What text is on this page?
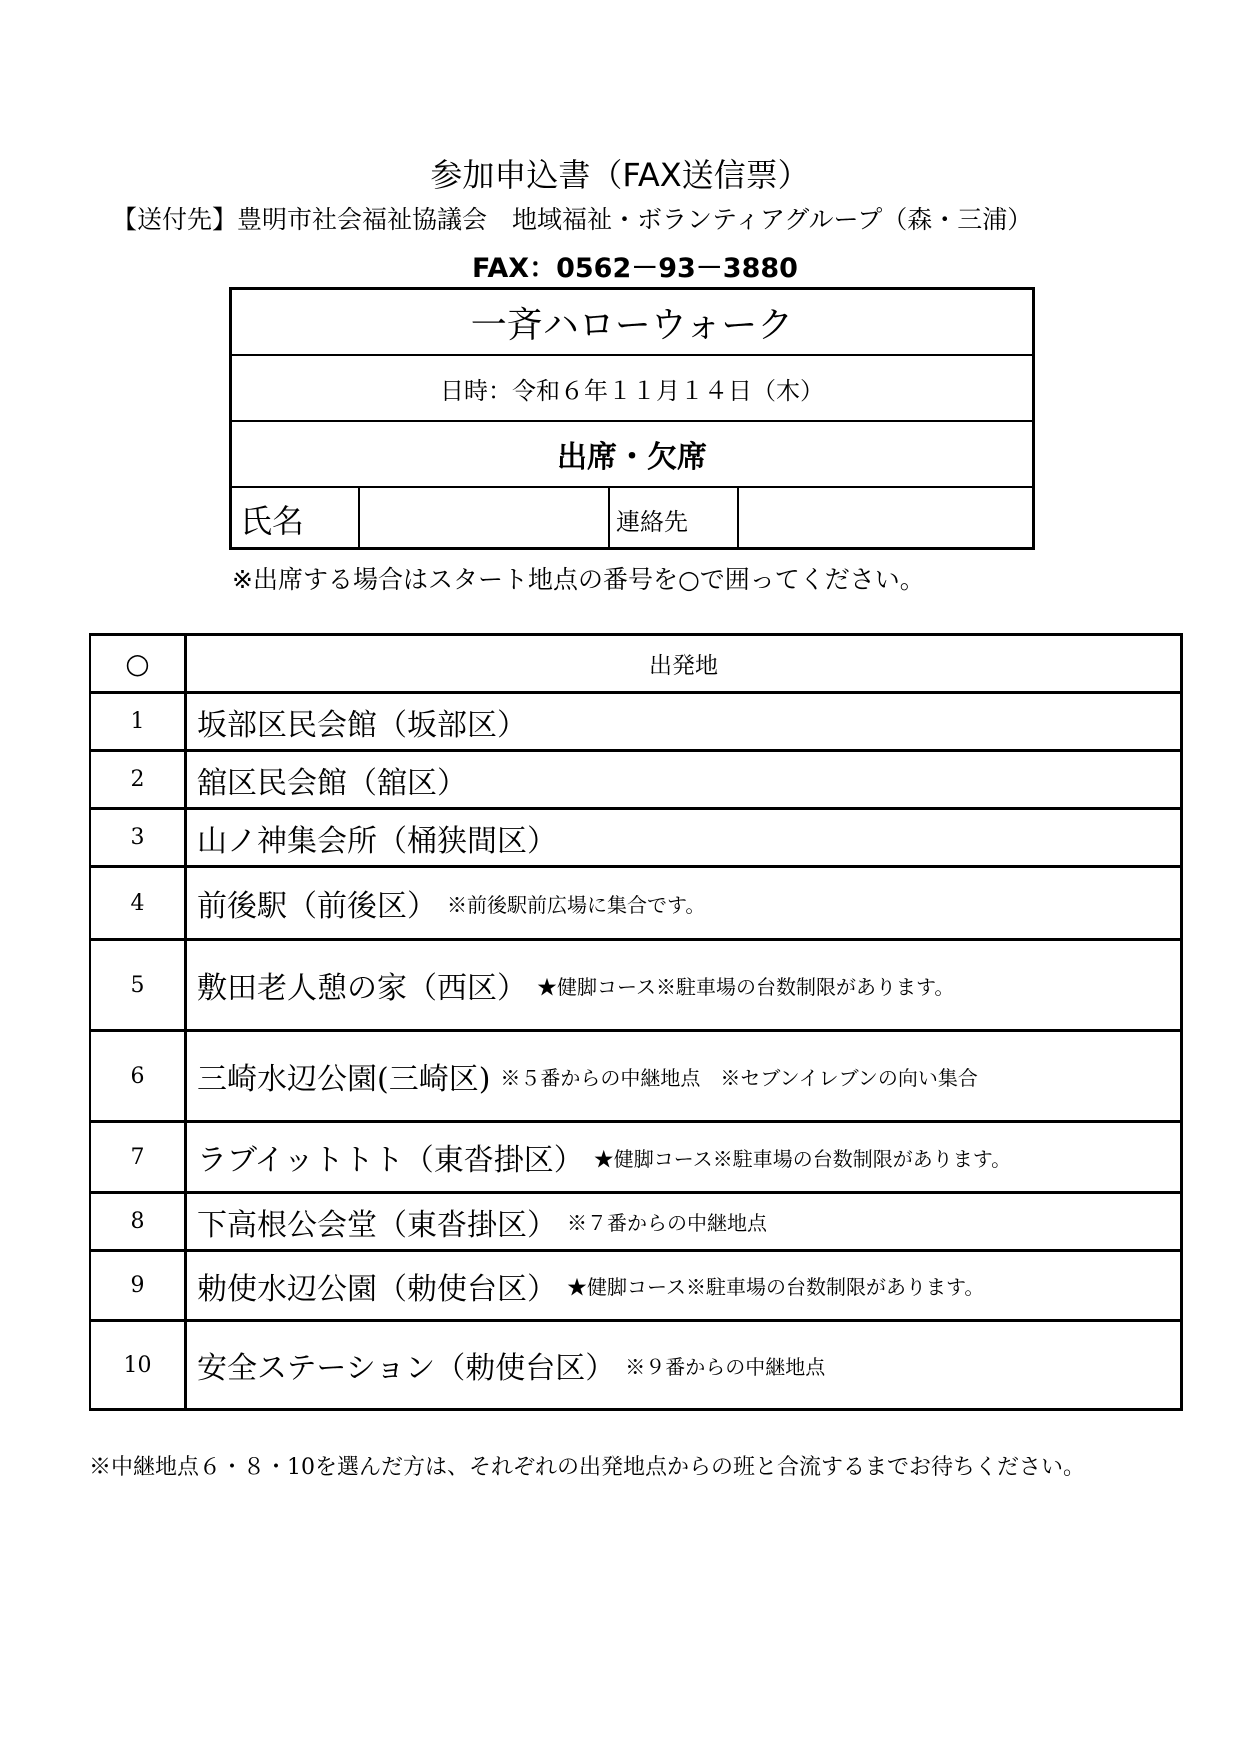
参加申込書（FAX送信票）
【送付先】豊明市社会福祉協議会　地域福祉・ボランティアグループ（森・三浦）
FAX：0562－93－3880
一斉ハローウォーク
日時：令和６年１１月１４日（木）
出席・欠席
氏名	連絡先
※出席する場合はスタート地点の番号を○で囲ってください。
○	出発地
1	坂部区民会館（坂部区）
2	舘区民会館（舘区）
3	山ノ神集会所（桶狭間区）
4	前後駅（前後区） ※前後駅前広場に集合です。
5	敷田老人憩の家（西区） ★健脚コース※駐車場の台数制限があります。
6	三崎水辺公園(三崎区) ※５番からの中継地点　※セブンイレブンの向い集合
7	ラブイットトト（東沓掛区） ★健脚コース※駐車場の台数制限があります。
8	下高根公会堂（東沓掛区） ※７番からの中継地点
9	勅使水辺公園（勅使台区） ★健脚コース※駐車場の台数制限があります。
10	安全ステーション（勅使台区） ※９番からの中継地点
※中継地点６・８・10を選んだ方は、それぞれの出発地点からの班と合流するまでお待ちください。
